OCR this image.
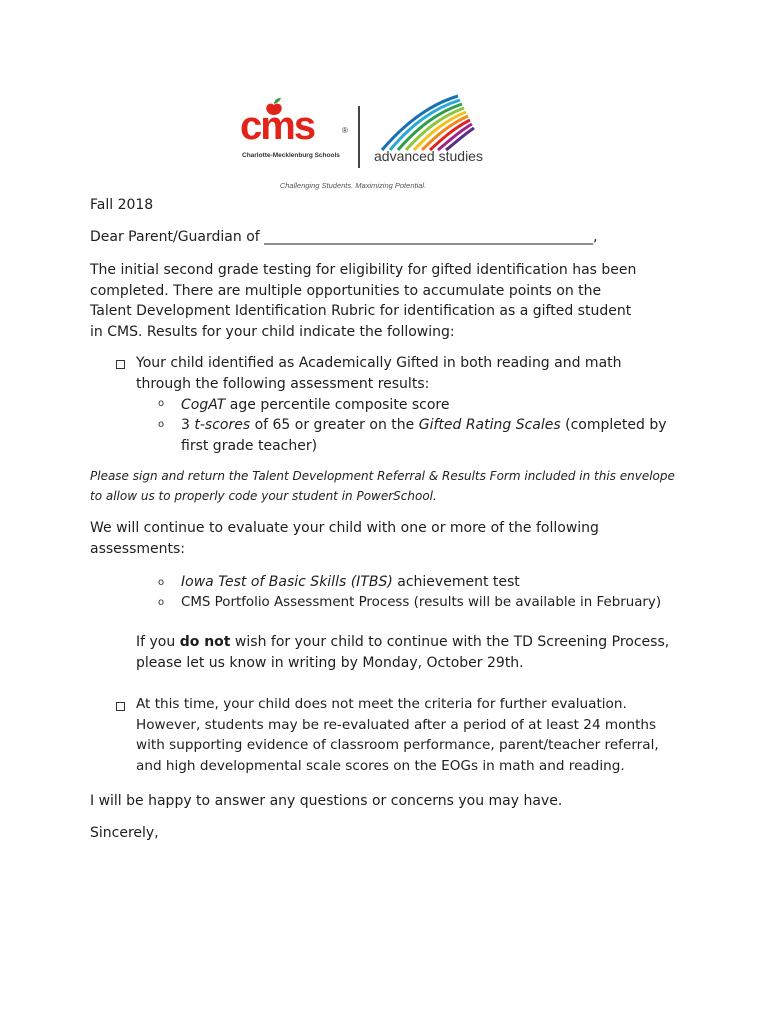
cms	®
Charlotte-Mecklenburg Schools advanced studies
Challenging Students. Maximizing Potential.
Fall 2018
Dear Parent/Guardian of _______________________________________________,
The initial second grade testing for eligibility for gifted identification has been completed. There are multiple opportunities to accumulate points on the Talent Development Identification Rubric for identification as a gifted student in CMS. Results for your child indicate the following:
Your child identified as Academically Gifted in both reading and math through the following assessment results:
o CogAT age percentile composite score
o 3 t-scores of 65 or greater on the Gifted Rating Scales (completed by first grade teacher)
Please sign and return the Talent Development Referral & Results Form included in this envelope to allow us to properly code your student in PowerSchool.
We will continue to evaluate your child with one or more of the following assessments:
o Iowa Test of Basic Skills (ITBS) achievement test
o CMS Portfolio Assessment Process (results will be available in February)
If you do not wish for your child to continue with the TD Screening Process, please let us know in writing by Monday, October 29th.
At this time, your child does not meet the criteria for further evaluation. However, students may be re-evaluated after a period of at least 24 months with supporting evidence of classroom performance, parent/teacher referral, and high developmental scale scores on the EOGs in math and reading.
I will be happy to answer any questions or concerns you may have.
Sincerely,
